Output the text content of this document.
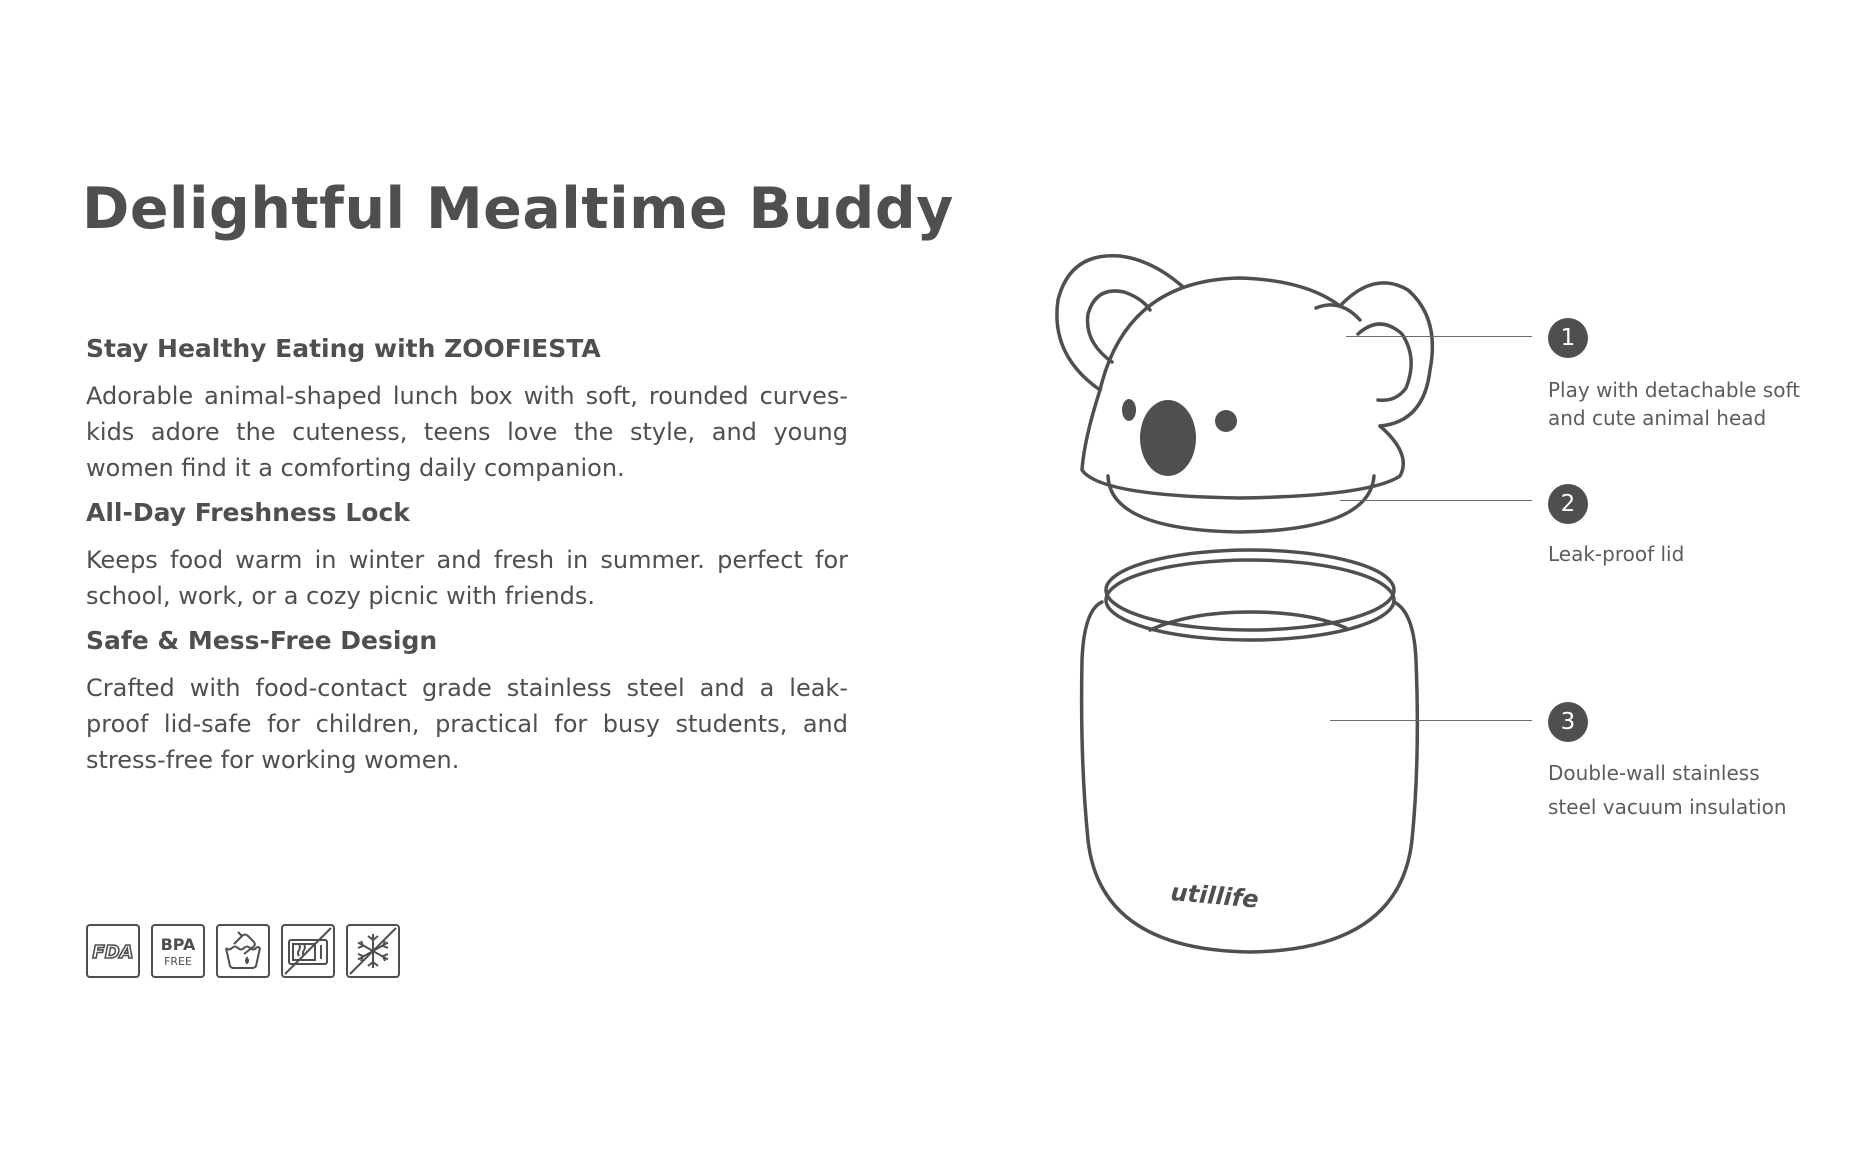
Delightful Mealtime Buddy
Stay Healthy Eating with ZOOFIESTA

Adorable animal-shaped lunch box with soft, rounded curves-kids adore the cuteness, teens love the style, and young women find it a comforting daily companion.

All-Day Freshness Lock

Keeps food warm in winter and fresh in summer. perfect for school, work, or a cozy picnic with friends.

Safe & Mess-Free Design

Crafted with food-contact grade stainless steel and a leak-proof lid-safe for children, practical for busy students, and stress-free for working women.

FDA BPA
FREE
utillife
1
Play with detachable soft
and cute animal head
2
Leak-proof lid
3
Double-wall stainless
steel vacuum insulation
